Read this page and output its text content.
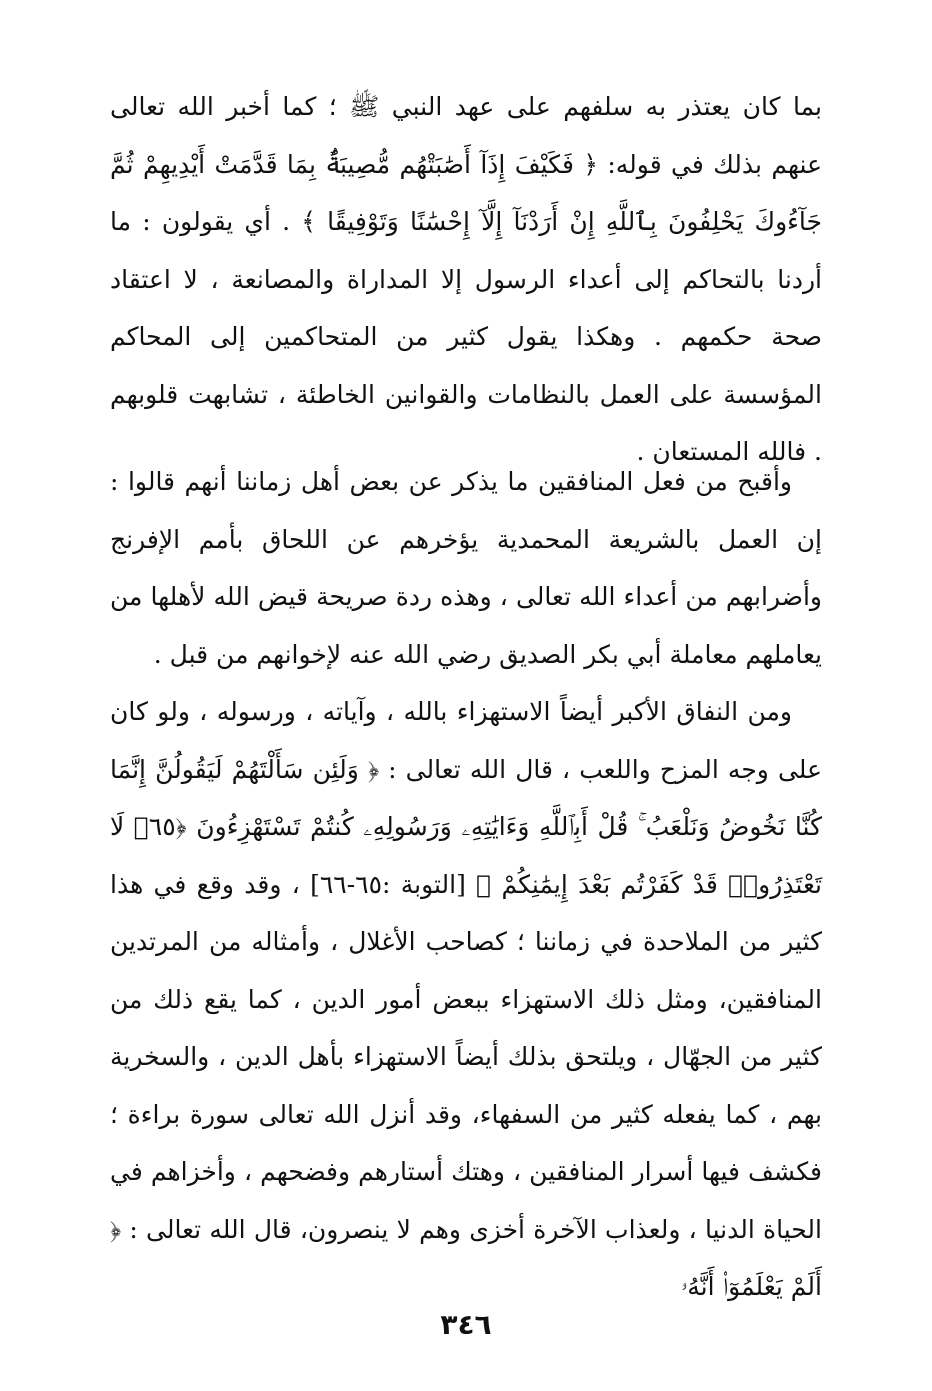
بما كان يعتذر به سلفهم على عهد النبي ﷺ ؛ كما أخبر الله تعالى عنهم بذلك في قوله: ﴿ فَكَيْفَ إِذَآ أَصَٰبَتْهُم مُّصِيبَةٌۢ بِمَا قَدَّمَتْ أَيْدِيهِمْ ثُمَّ جَآءُوكَ يَحْلِفُونَ بِٱللَّهِ إِنْ أَرَدْنَآ إِلَّآ إِحْسَٰنًا وَتَوْفِيقًا ﴾ . أي يقولون : ما أردنا بالتحاكم إلى أعداء الرسول إلا المداراة والمصانعة ، لا اعتقاد صحة حكمهم . وهكذا يقول كثير من المتحاكمين إلى المحاكم المؤسسة على العمل بالنظامات والقوانين الخاطئة ، تشابهت قلوبهم . فالله المستعان .

وأقبح من فعل المنافقين ما يذكر عن بعض أهل زماننا أنهم قالوا : إن العمل بالشريعة المحمدية يؤخرهم عن اللحاق بأمم الإفرنج وأضرابهم من أعداء الله تعالى ، وهذه ردة صريحة قيض الله لأهلها من يعاملهم معاملة أبي بكر الصديق رضي الله عنه لإخوانهم من قبل .

ومن النفاق الأكبر أيضاً الاستهزاء بالله ، وآياته ، ورسوله ، ولو كان على وجه المزح واللعب ، قال الله تعالى : ﴿ وَلَئِن سَأَلْتَهُمْ لَيَقُولُنَّ إِنَّمَا كُنَّا نَخُوضُ وَنَلْعَبُ ۚ قُلْ أَبِٱللَّهِ وَءَايَٰتِهِۦ وَرَسُولِهِۦ كُنتُمْ تَسْتَهْزِءُونَ ﴿٦٥﴾ لَا تَعْتَذِرُوا۟ قَدْ كَفَرْتُم بَعْدَ إِيمَٰنِكُمْ ﴾ [التوبة :٦٥-٦٦] ، وقد وقع في هذا كثير من الملاحدة في زماننا ؛ كصاحب الأغلال ، وأمثاله من المرتدين المنافقين، ومثل ذلك الاستهزاء ببعض أمور الدين ، كما يقع ذلك من كثير من الجهّال ، ويلتحق بذلك أيضاً الاستهزاء بأهل الدين ، والسخرية بهم ، كما يفعله كثير من السفهاء، وقد أنزل الله تعالى سورة براءة ؛ فكشف فيها أسرار المنافقين ، وهتك أستارهم وفضحهم ، وأخزاهم في الحياة الدنيا ، ولعذاب الآخرة أخزى وهم لا ينصرون، قال الله تعالى : ﴿ أَلَمْ يَعْلَمُوٓا۟ أَنَّهُۥ

٣٤٦
